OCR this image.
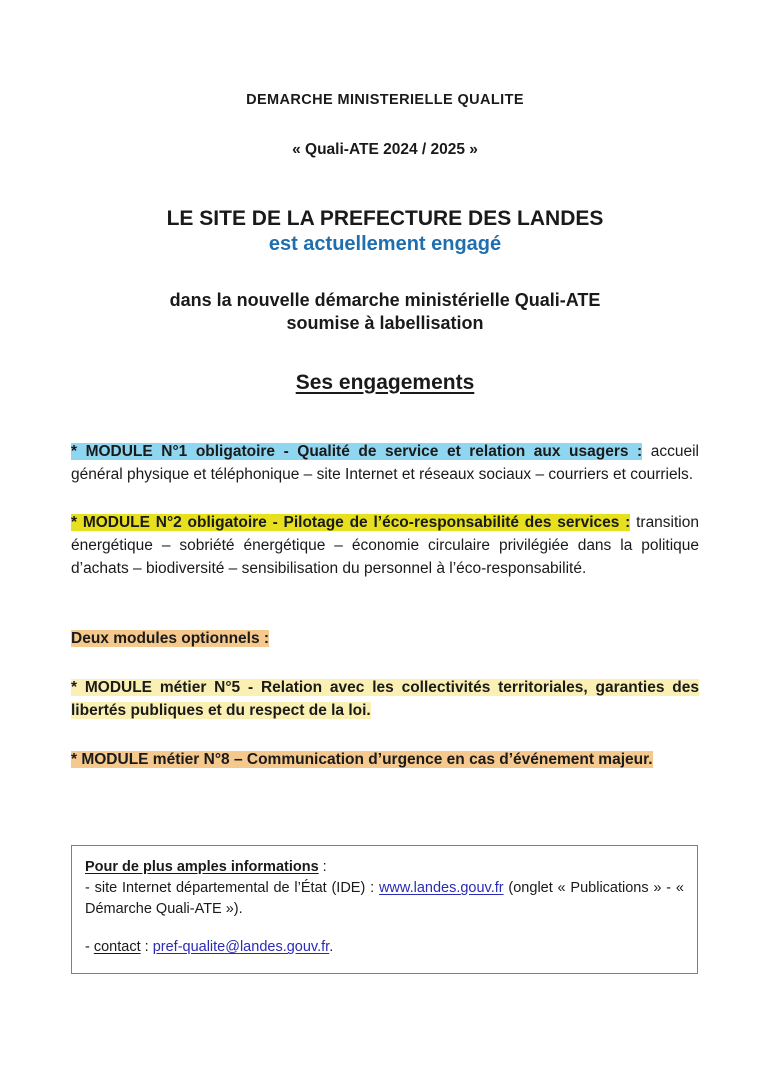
DEMARCHE MINISTERIELLE QUALITE

« Quali-ATE 2024 / 2025 »

LE SITE DE LA PREFECTURE DES LANDES
est actuellement engagé
dans la nouvelle démarche ministérielle Quali-ATE
soumise à labellisation
Ses engagements

* MODULE N°1 obligatoire - Qualité de service et relation aux usagers : accueil général physique et téléphonique – site Internet et réseaux sociaux – courriers et courriels.

* MODULE N°2 obligatoire - Pilotage de l’éco-responsabilité des services : transition énergétique – sobriété énergétique – économie circulaire privilégiée dans la politique d’achats – biodiversité – sensibilisation du personnel à l’éco-responsabilité.

Deux modules optionnels :

* MODULE métier N°5 - Relation avec les collectivités territoriales, garanties des libertés publiques et du respect de la loi.

* MODULE métier N°8 – Communication d’urgence en cas d’événement majeur.

Pour de plus amples informations :

- site Internet départemental de l’État (IDE) : www.landes.gouv.fr (onglet « Publications » - « Démarche Quali-ATE »).

- contact : pref-qualite@landes.gouv.fr.
